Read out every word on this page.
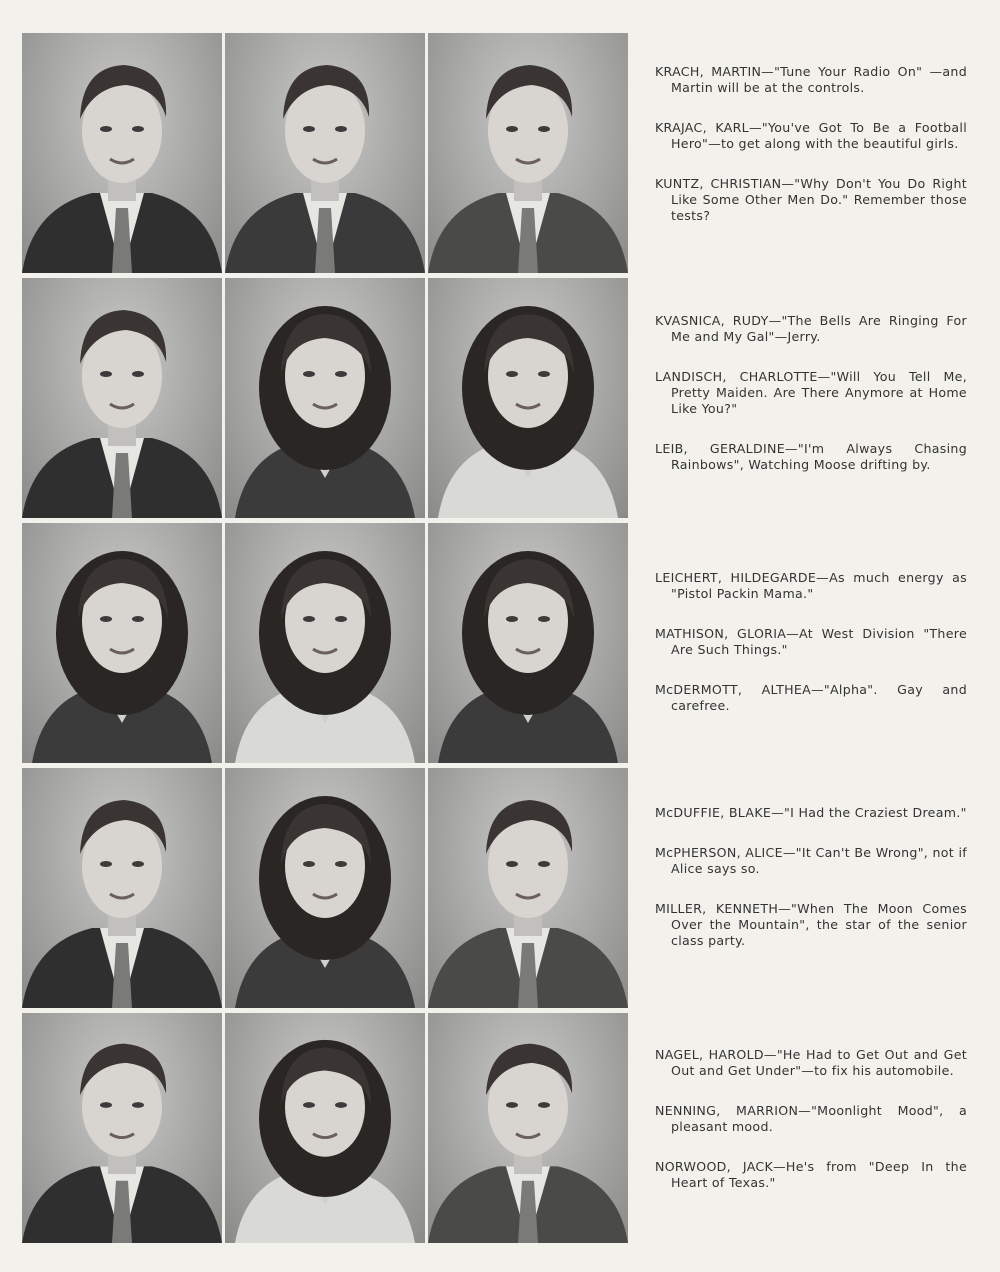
KRACH, MARTIN—"Tune Your Radio On" —and Martin will be at the controls.

KRAJAC, KARL—"You've Got To Be a Football Hero"—to get along with the beautiful girls.

KUNTZ, CHRISTIAN—"Why Don't You Do Right Like Some Other Men Do." Remember those tests?

KVASNICA, RUDY—"The Bells Are Ringing For Me and My Gal"—Jerry.

LANDISCH, CHARLOTTE—"Will You Tell Me, Pretty Maiden. Are There Anymore at Home Like You?"

LEIB, GERALDINE—"I'm Always Chasing Rainbows", Watching Moose drifting by.

LEICHERT, HILDEGARDE—As much energy as "Pistol Packin Mama."

MATHISON, GLORIA—At West Division "There Are Such Things."

McDERMOTT, ALTHEA—"Alpha". Gay and carefree.

McDUFFIE, BLAKE—"I Had the Craziest Dream."

McPHERSON, ALICE—"It Can't Be Wrong", not if Alice says so.

MILLER, KENNETH—"When The Moon Comes Over the Mountain", the star of the senior class party.

NAGEL, HAROLD—"He Had to Get Out and Get Out and Get Under"—to fix his automobile.

NENNING, MARRION—"Moonlight Mood", a pleasant mood.

NORWOOD, JACK—He's from "Deep In the Heart of Texas."
